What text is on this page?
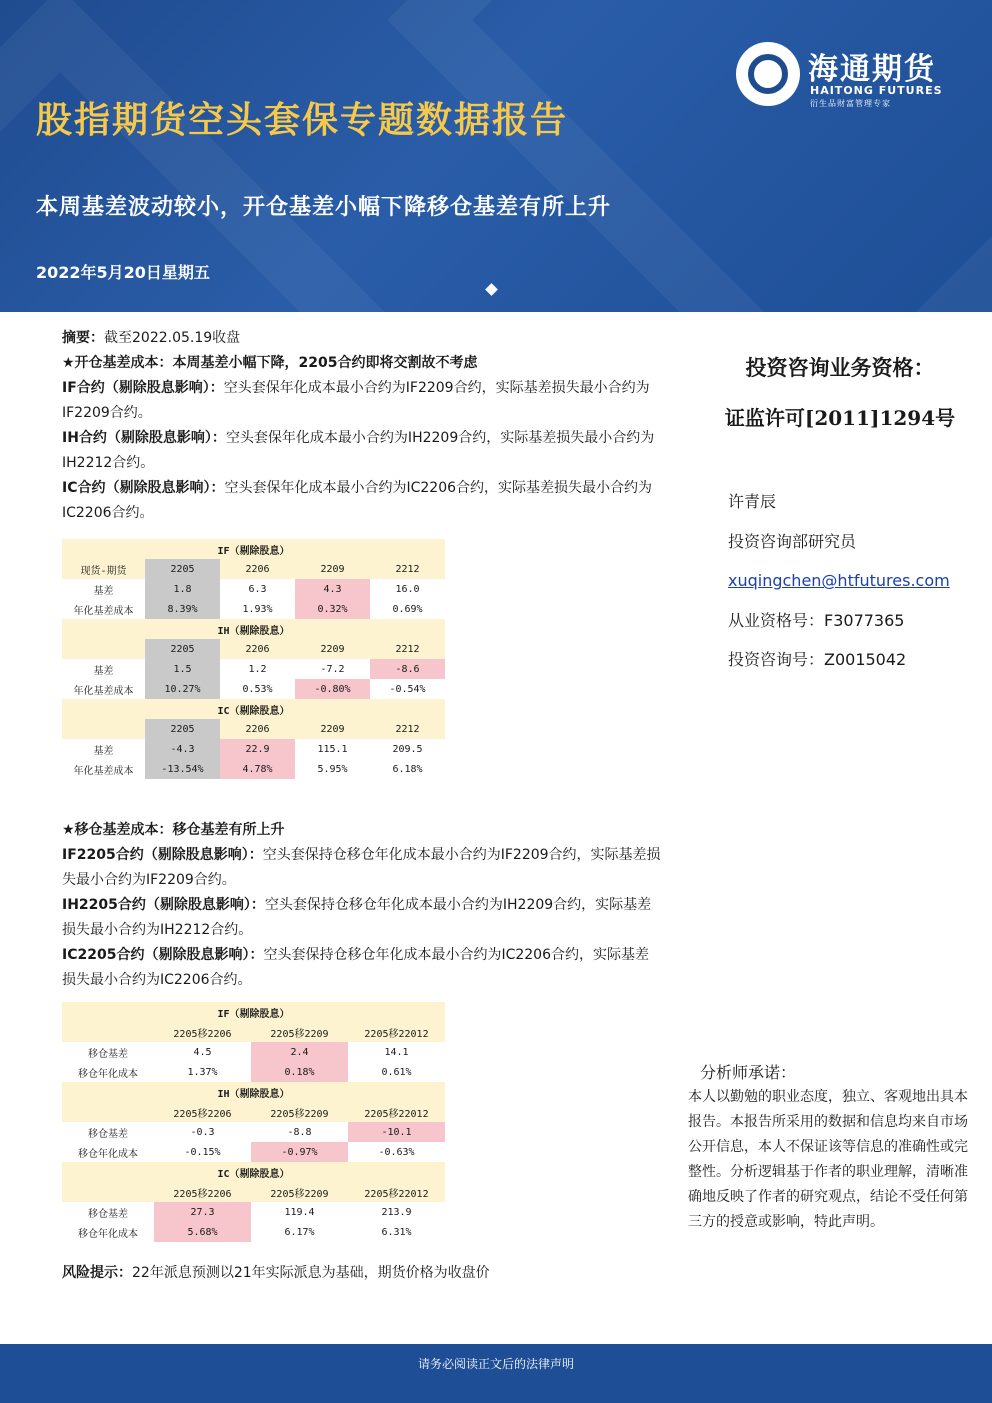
海通期货
HAITONG FUTURES
衍生品财富管理专家
股指期货空头套保专题数据报告
本周基差波动较小，开仓基差小幅下降移仓基差有所上升
2022年5月20日星期五

摘要：截至2022.05.19收盘

★开仓基差成本：本周基差小幅下降，2205合约即将交割故不考虑

IF合约（剔除股息影响）：空头套保年化成本最小合约为IF2209合约，实际基差损失最小合约为IF2209合约。

IH合约（剔除股息影响）：空头套保年化成本最小合约为IH2209合约，实际基差损失最小合约为IH2212合约。

IC合约（剔除股息影响）：空头套保年化成本最小合约为IC2206合约，实际基差损失最小合约为IC2206合约。

IF（剔除股息）				
现货-期货	2205	2206	2209	2212
基差	1.8	6.3	4.3	16.0
年化基差成本	8.39%	1.93%	0.32%	0.69%
IH（剔除股息）				
	2205	2206	2209	2212
基差	1.5	1.2	-7.2	-8.6
年化基差成本	10.27%	0.53%	-0.80%	-0.54%
IC（剔除股息）				
	2205	2206	2209	2212
基差	-4.3	22.9	115.1	209.5
年化基差成本	-13.54%	4.78%	5.95%	6.18%

★移仓基差成本：移仓基差有所上升

IF2205合约（剔除股息影响）：空头套保持仓移仓年化成本最小合约为IF2209合约，实际基差损失最小合约为IF2209合约。

IH2205合约（剔除股息影响）：空头套保持仓移仓年化成本最小合约为IH2209合约，实际基差损失最小合约为IH2212合约。

IC2205合约（剔除股息影响）：空头套保持仓移仓年化成本最小合约为IC2206合约，实际基差损失最小合约为IC2206合约。

IF（剔除股息）			
	2205移2206	2205移2209	2205移22012
移仓基差	4.5	2.4	14.1
移仓年化成本	1.37%	0.18%	0.61%
IH（剔除股息）			
	2205移2206	2205移2209	2205移22012
移仓基差	-0.3	-8.8	-10.1
移仓年化成本	-0.15%	-0.97%	-0.63%
IC（剔除股息）			
	2205移2206	2205移2209	2205移22012
移仓基差	27.3	119.4	213.9
移仓年化成本	5.68%	6.17%	6.31%
风险提示：22年派息预测以21年实际派息为基础，期货价格为收盘价
投资咨询业务资格：
证监许可[2011]1294号
许青辰
投资咨询部研究员
xuqingchen@htfutures.com
从业资格号：F3077365
投资咨询号：Z0015042
分析师承诺：
本人以勤勉的职业态度，独立、客观地出具本报告。本报告所采用的数据和信息均来自市场公开信息，本人不保证该等信息的准确性或完整性。分析逻辑基于作者的职业理解，清晰准确地反映了作者的研究观点，结论不受任何第三方的授意或影响，特此声明。
请务必阅读正文后的法律声明
